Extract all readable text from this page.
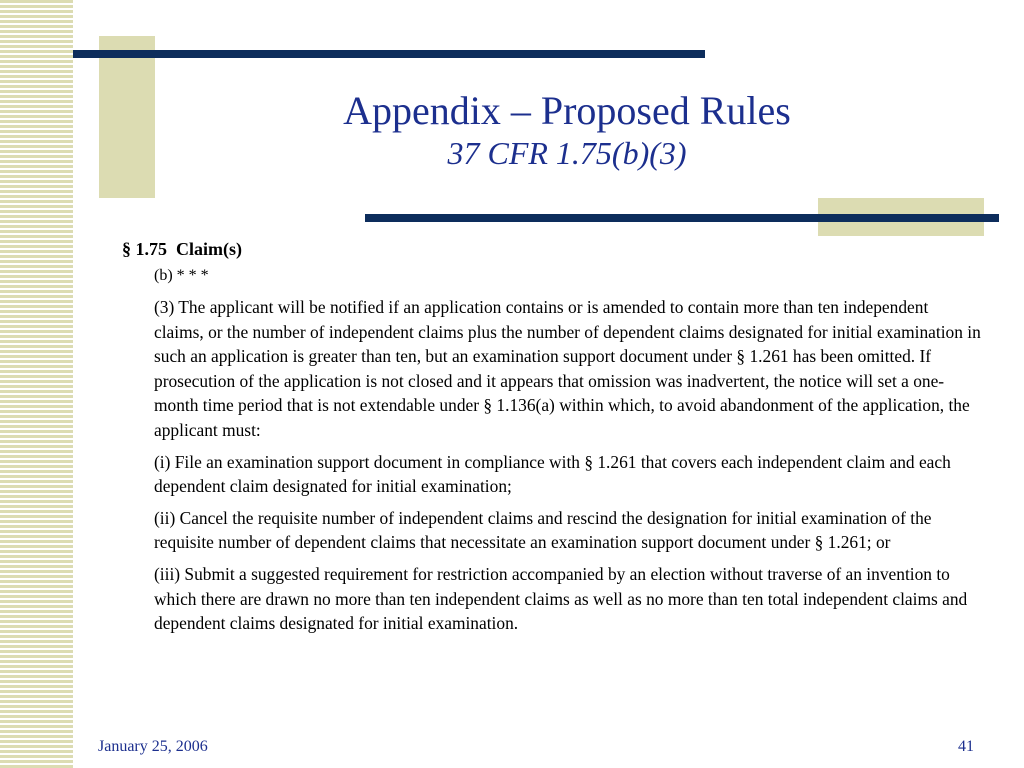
Appendix – Proposed Rules
37 CFR 1.75(b)(3)

§ 1.75  Claim(s)

(b) * * *

(3) The applicant will be notified if an application contains or is amended to contain more than ten independent claims, or the number of independent claims plus the number of dependent claims designated for initial examination in such an application is greater than ten, but an examination support document under § 1.261 has been omitted. If prosecution of the application is not closed and it appears that omission was inadvertent, the notice will set a one-month time period that is not extendable under § 1.136(a) within which, to avoid abandonment of the application, the applicant must:

(i) File an examination support document in compliance with § 1.261 that covers each independent claim and each dependent claim designated for initial examination;

(ii) Cancel the requisite number of independent claims and rescind the designation for initial examination of the requisite number of dependent claims that necessitate an examination support document under § 1.261; or

(iii) Submit a suggested requirement for restriction accompanied by an election without traverse of an invention to which there are drawn no more than ten independent claims as well as no more than ten total independent claims and dependent claims designated for initial examination.

January 25, 2006	41
